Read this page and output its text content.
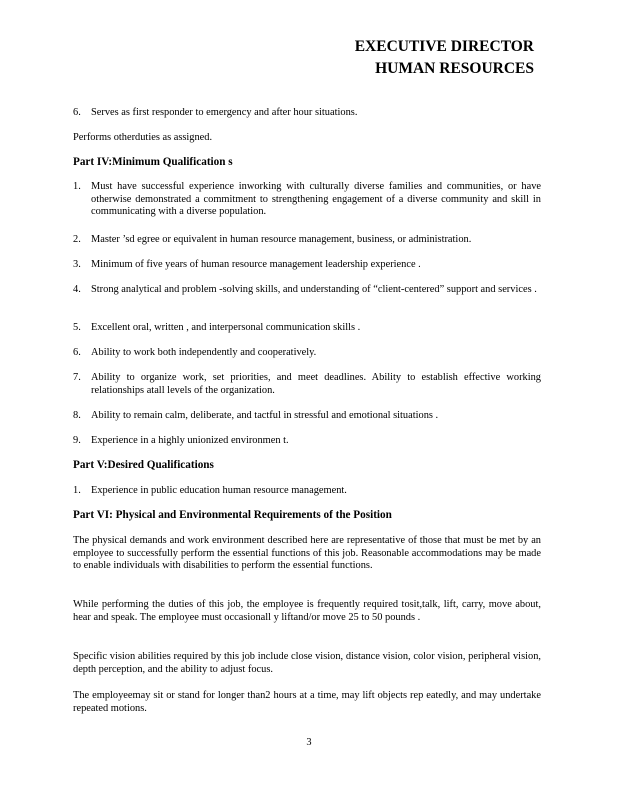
EXECUTIVE DIRECTOR
HUMAN RESOURCES
6. Serves as first responder to emergency and after hour situations.
Performs otherduties as assigned.
Part IV:Minimum Qualification s
1. Must have successful experience inworking with culturally diverse families and communities, or have otherwise demonstrated a commitment to strengthening engagement of a diverse community and skill in communicating with a diverse population.
2. Master ’sd egree or equivalent in human resource management, business, or administration.
3. Minimum of five years of human resource management leadership experience .
4. Strong analytical and problem -solving skills, and understanding of “client-centered” support and services .
5. Excellent oral, written , and interpersonal communication skills .
6. Ability to work both independently and cooperatively.
7. Ability to organize work, set priorities, and meet deadlines. Ability to establish effective working relationships atall levels of the organization.
8. Ability to remain calm, deliberate, and tactful in stressful and emotional situations .
9. Experience in a highly unionized environmen t.
Part V:Desired Qualifications
1. Experience in public education human resource management.
Part VI: Physical and Environmental Requirements of the Position
The physical demands and work environment described here are representative of those that must be met by an employee to successfully perform the essential functions of this job. Reasonable accommodations may be made to enable individuals with disabilities to perform the essential functions.
While performing the duties of this job, the employee is frequently required tosit,talk, lift, carry, move about, hear and speak. The employee must occasionall y liftand/or move 25 to 50 pounds .
Specific vision abilities required by this job include close vision, distance vision, color vision, peripheral vision, depth perception, and the ability to adjust focus.
The employeemay sit or stand for longer than2 hours at a time, may lift objects rep eatedly, and may undertake repeated motions.
3
